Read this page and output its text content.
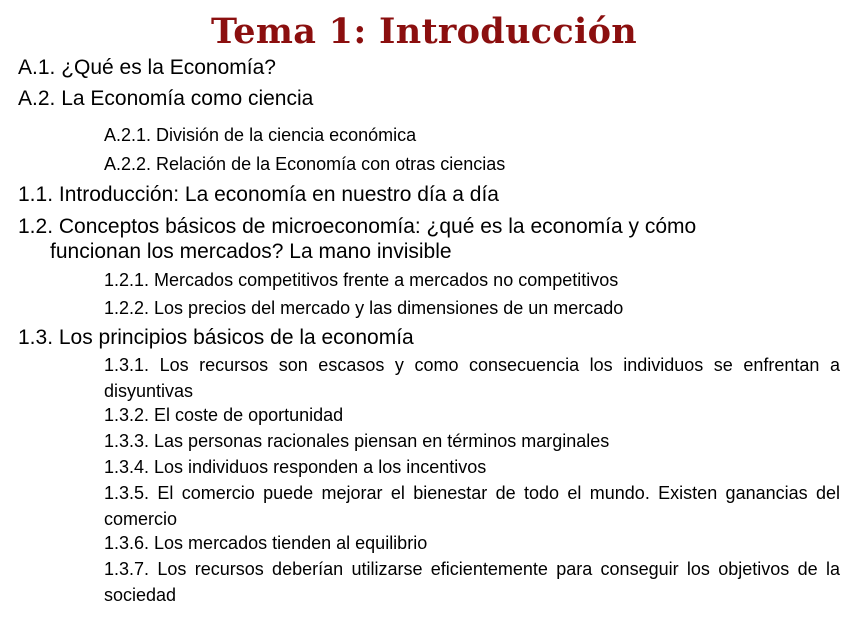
Tema 1: Introducción

A.1. ¿Qué es la Economía?

A.2. La Economía como ciencia

A.2.1. División de la ciencia económica

A.2.2. Relación de la Economía con otras ciencias

1.1. Introducción: La economía en nuestro día a día

1.2. Conceptos básicos de microeconomía: ¿qué es la economía y cómo
funcionan los mercados? La mano invisible

1.2.1. Mercados competitivos frente a mercados no competitivos

1.2.2. Los precios del mercado y las dimensiones de un mercado

1.3. Los principios básicos de la economía

1.3.1. Los recursos son escasos y como consecuencia los individuos se enfrentan a disyuntivas

1.3.2. El coste de oportunidad

1.3.3. Las personas racionales piensan en términos marginales

1.3.4. Los individuos responden a los incentivos

1.3.5. El comercio puede mejorar el bienestar de todo el mundo. Existen ganancias del comercio

1.3.6. Los mercados tienden al equilibrio

1.3.7. Los recursos deberían utilizarse eficientemente para conseguir los objetivos de la sociedad
